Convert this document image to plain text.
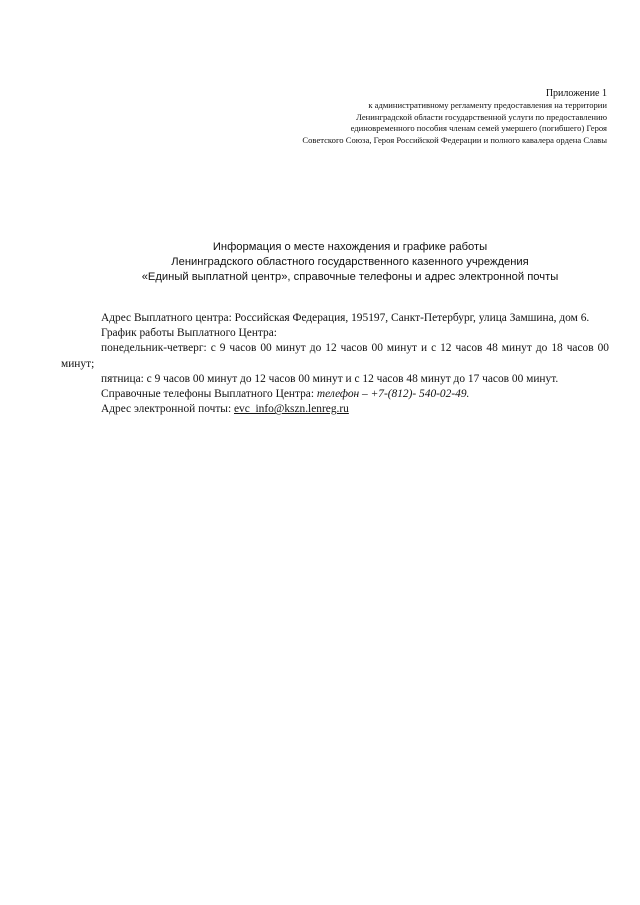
Приложение 1
к административному регламенту предоставления на территории
Ленинградской области государственной услуги по предоставлению
единовременного пособия членам семей умершего (погибшего) Героя
Советского Союза, Героя Российской Федерации и полного кавалера ордена Славы
Информация о месте нахождения и графике работы
Ленинградского областного государственного казенного учреждения
«Единый выплатной центр», справочные телефоны и адрес электронной почты

Адрес Выплатного центра: Российская Федерация, 195197, Санкт-Петербург, улица Замшина, дом 6.

График работы Выплатного Центра:

понедельник-четверг: с 9 часов 00 минут до 12 часов 00 минут и с 12 часов 48 минут до 18 часов 00 минут;

пятница: с 9 часов 00 минут до 12 часов 00 минут и с 12 часов 48 минут до 17 часов 00 минут.

Справочные телефоны Выплатного Центра: телефон – +7-(812)- 540-02-49.

Адрес электронной почты: evc_info@kszn.lenreg.ru
